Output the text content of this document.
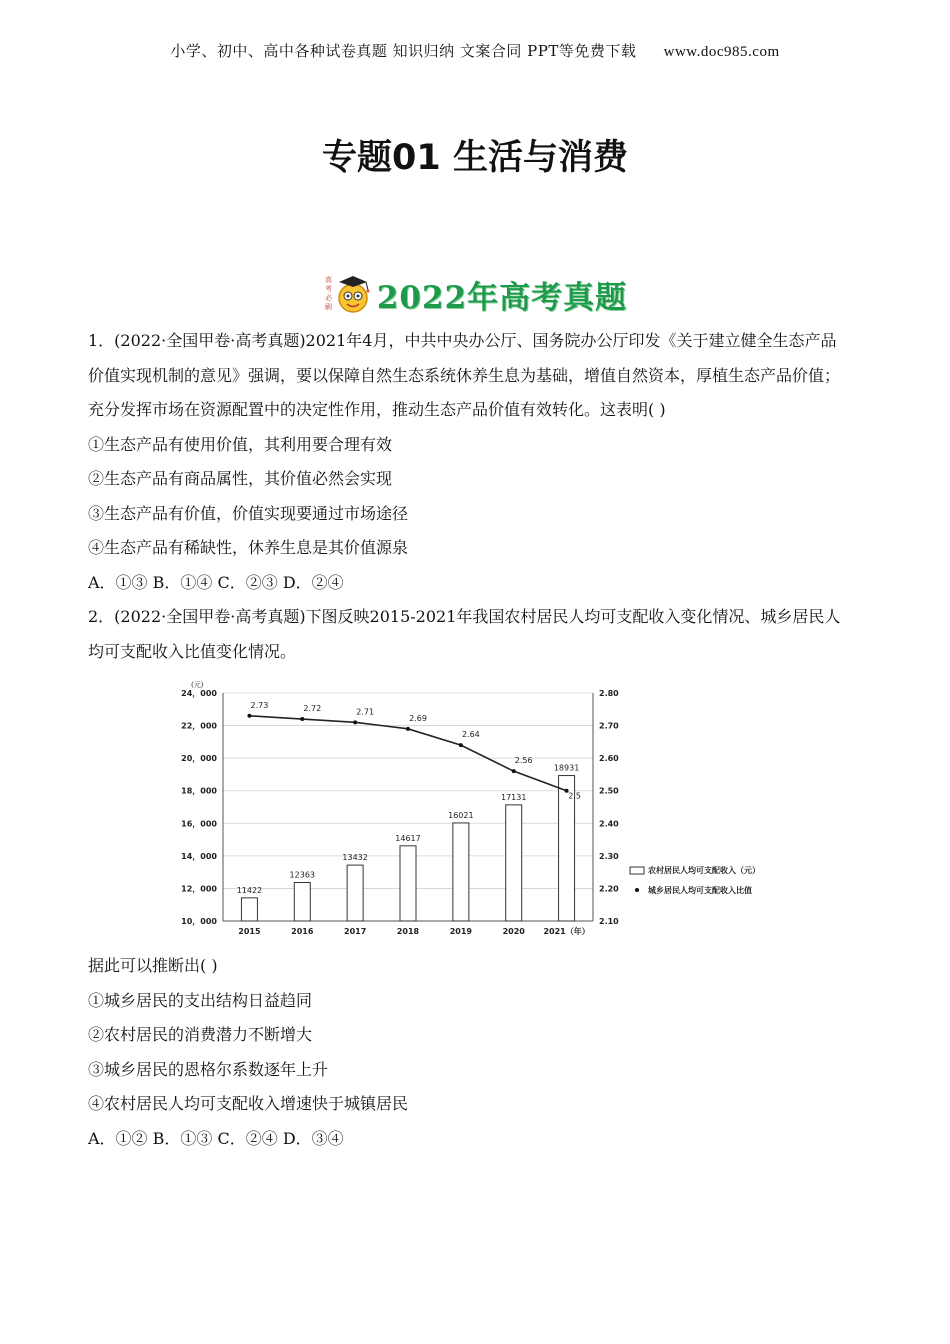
小学、初中、高中各种试卷真题 知识归纳 文案合同 PPT等免费下载 www.doc985.com
专题01 生活与消费
高
考
必
刷 2022年高考真题

1．(2022·全国甲卷·高考真题)2021年4月，中共中央办公厅、国务院办公厅印发《关于建立健全生态产品

价值实现机制的意见》强调，要以保障自然生态系统休养生息为基础，增值自然资本，厚植生态产品价值；

充分发挥市场在资源配置中的决定性作用，推动生态产品价值有效转化。这表明( )

①生态产品有使用价值，其利用要合理有效

②生态产品有商品属性，其价值必然会实现

③生态产品有价值，价值实现要通过市场途径

④生态产品有稀缺性，休养生息是其价值源泉

A．①③ B．①④ C．②③ D．②④

2．(2022·全国甲卷·高考真题)下图反映2015-2021年我国农村居民人均可支配收入变化情况、城乡居民人

均可支配收入比值变化情况。

10，000
12，000
14，000
16，000
18，000
20，000
22，000
24，000
2.10
2.20
2.30
2.40
2.50
2.60
2.70
2.80
(元)
11422
12363
13432
14617
16021
17131
18931
2015	2016	2017	2018	2019	2020 2021（年）
2.73	2.72	2.71
2.69
2.64
2.56
2.5
农村居民人均可支配收入（元）
城乡居民人均可支配收入比值

据此可以推断出( )

①城乡居民的支出结构日益趋同

②农村居民的消费潜力不断增大

③城乡居民的恩格尔系数逐年上升

④农村居民人均可支配收入增速快于城镇居民

A．①② B．①③ C．②④ D．③④
